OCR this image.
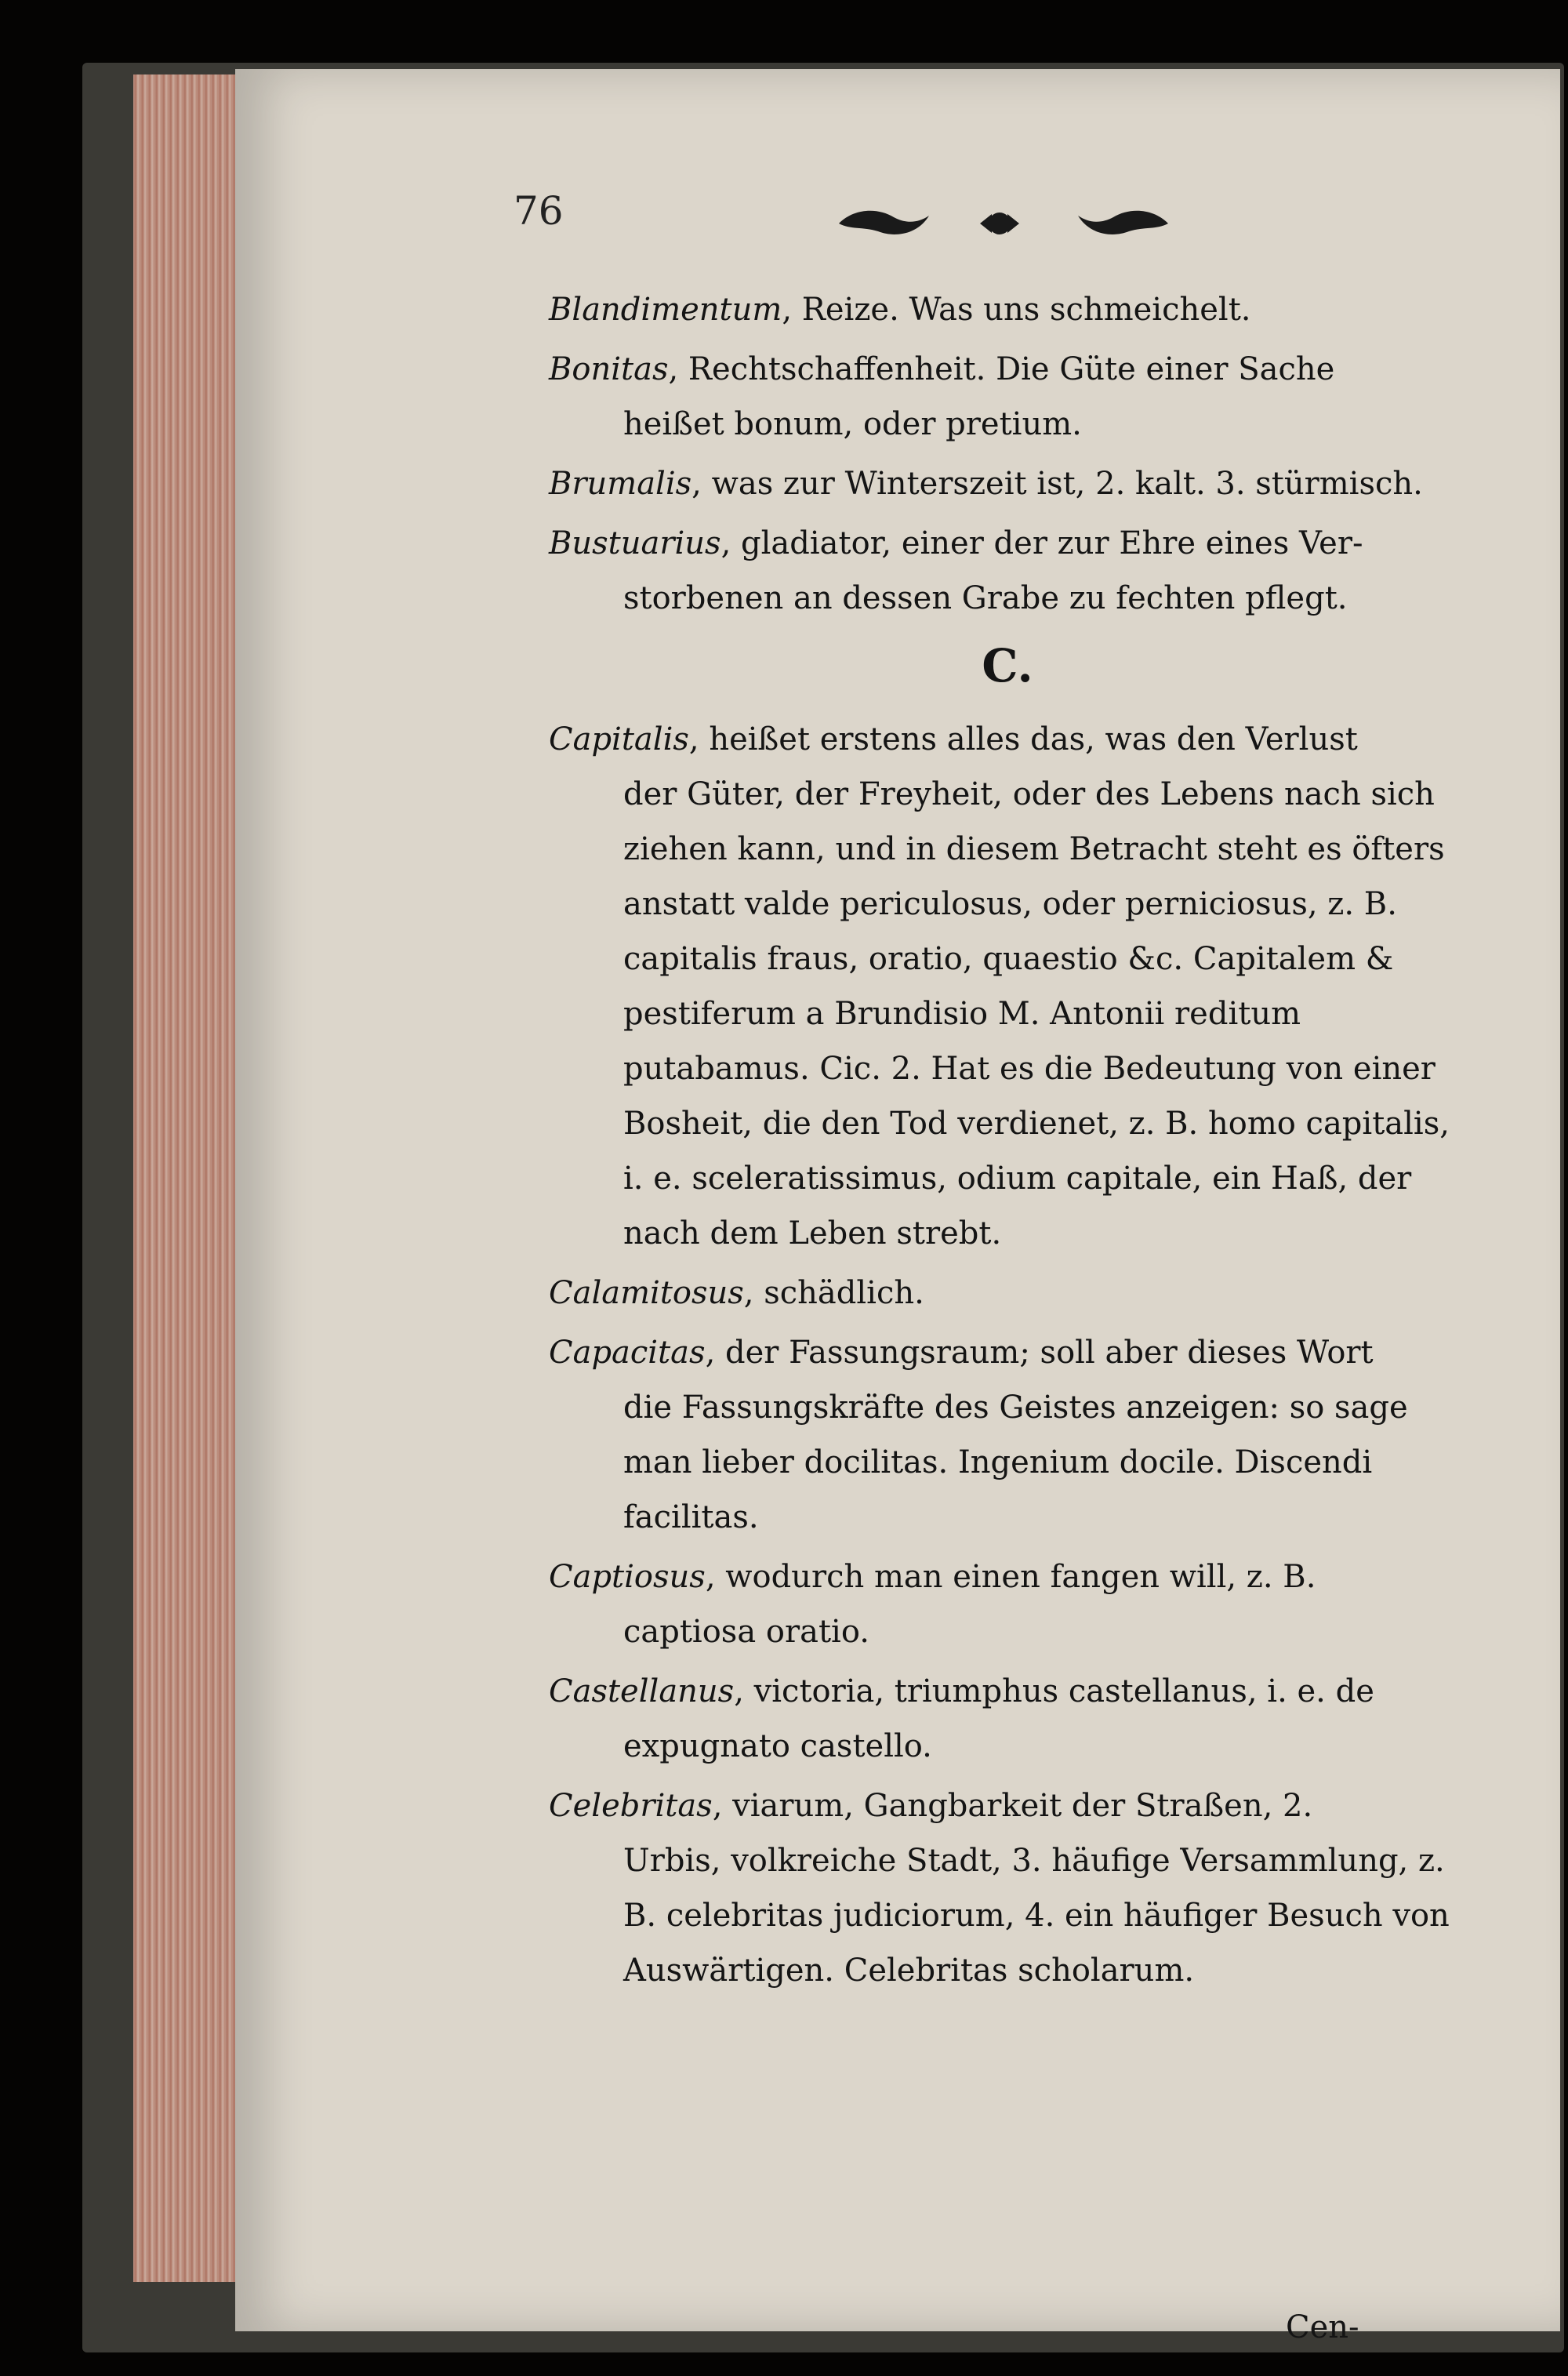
76
Blandimentum, Reize. Was uns schmeichelt.
Bonitas, Rechtschaffenheit. Die Güte einer Sache
heißet bonum, oder pretium.
Brumalis, was zur Winterszeit ist, 2. kalt. 3. stürmisch.
Bustuarius, gladiator, einer der zur Ehre eines Ver-
storbenen an dessen Grabe zu fechten pflegt.
C.
Capitalis, heißet erstens alles das, was den Verlust
der Güter, der Freyheit, oder des Lebens nach sich ziehen kann, und in diesem Betracht steht es öfters anstatt valde periculosus, oder perniciosus, z. B. capitalis fraus, oratio, quaestio &c. Capitalem & pestiferum a Brundisio M. Antonii reditum putabamus. Cic. 2. Hat es die Bedeutung von einer Bosheit, die den Tod verdienet, z. B. homo capitalis, i. e. sceleratissimus, odium capitale, ein Haß, der nach dem Leben strebt.
Calamitosus, schädlich.
Capacitas, der Fassungsraum; soll aber dieses Wort
die Fassungskräfte des Geistes anzeigen: so sage man lieber docilitas. Ingenium docile. Discendi facilitas.
Captiosus, wodurch man einen fangen will, z. B.
captiosa oratio.
Castellanus, victoria, triumphus castellanus, i. e. de
expugnato castello.
Celebritas, viarum, Gangbarkeit der Straßen, 2.
Urbis, volkreiche Stadt, 3. häufige Versammlung, z. B. celebritas judiciorum, 4. ein häufiger Besuch von Auswärtigen. Celebritas scholarum.
Cen-
